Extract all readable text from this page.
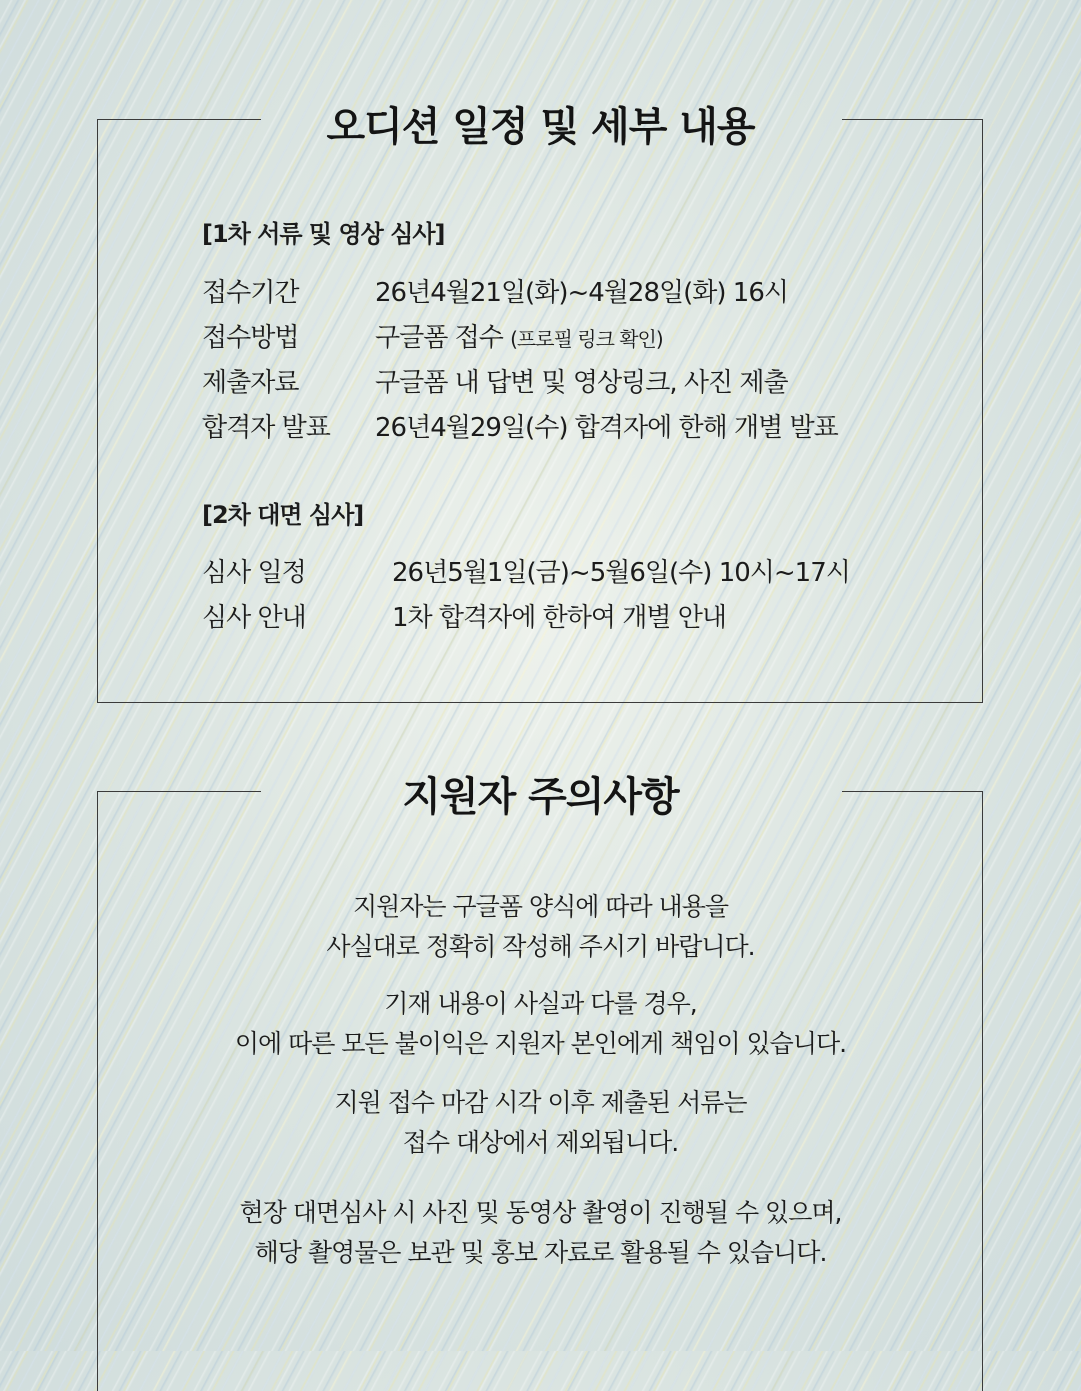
오디션 일정 및 세부 내용
[1차 서류 및 영상 심사]
접수기간	26년4월21일(화)~4월28일(화) 16시
접수방법	구글폼 접수 (프로필 링크 확인)
제출자료	구글폼 내 답변 및 영상링크, 사진 제출
합격자 발표 26년4월29일(수) 합격자에 한해 개별 발표
[2차 대면 심사]
심사 일정	26년5월1일(금)~5월6일(수) 10시~17시
심사 안내	1차 합격자에 한하여 개별 안내
지원자 주의사항
지원자는 구글폼 양식에 따라 내용을
사실대로 정확히 작성해 주시기 바랍니다.
기재 내용이 사실과 다를 경우,
이에 따른 모든 불이익은 지원자 본인에게 책임이 있습니다.
지원 접수 마감 시각 이후 제출된 서류는
접수 대상에서 제외됩니다.
현장 대면심사 시 사진 및 동영상 촬영이 진행될 수 있으며,
해당 촬영물은 보관 및 홍보 자료로 활용될 수 있습니다.
